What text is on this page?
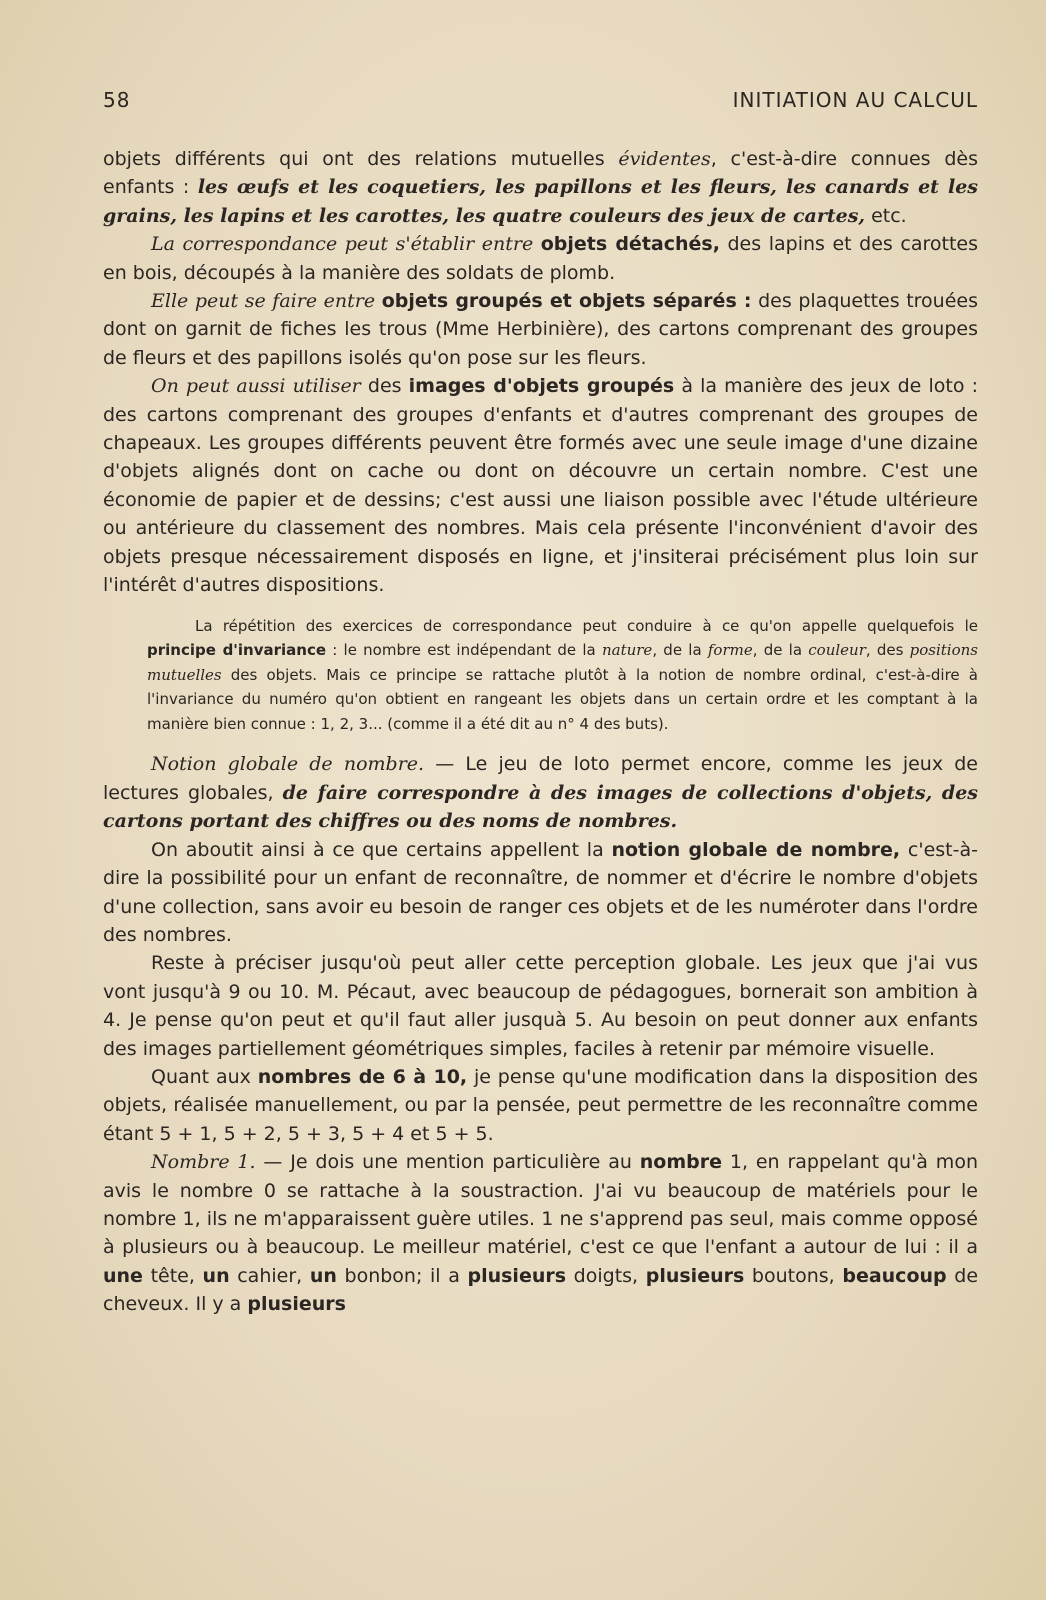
58	INITIATION AU CALCUL

objets différents qui ont des relations mutuelles évidentes, c'est-à-dire connues dès enfants : les œufs et les coquetiers, les papillons et les fleurs, les canards et les grains, les lapins et les carottes, les quatre couleurs des jeux de cartes, etc.

La correspondance peut s'établir entre objets détachés, des lapins et des carottes en bois, découpés à la manière des soldats de plomb.

Elle peut se faire entre objets groupés et objets séparés : des plaquettes trouées dont on garnit de fiches les trous (Mme Herbinière), des cartons comprenant des groupes de fleurs et des papillons isolés qu'on pose sur les fleurs.

On peut aussi utiliser des images d'objets groupés à la manière des jeux de loto : des cartons comprenant des groupes d'enfants et d'autres comprenant des groupes de chapeaux. Les groupes différents peuvent être formés avec une seule image d'une dizaine d'objets alignés dont on cache ou dont on découvre un certain nombre. C'est une économie de papier et de dessins; c'est aussi une liaison possible avec l'étude ultérieure ou antérieure du classement des nombres. Mais cela présente l'inconvénient d'avoir des objets presque nécessairement disposés en ligne, et j'insiterai précisément plus loin sur l'intérêt d'autres dispositions.

La répétition des exercices de correspondance peut conduire à ce qu'on appelle quelquefois le principe d'invariance : le nombre est indépendant de la nature, de la forme, de la couleur, des positions mutuelles des objets. Mais ce principe se rattache plutôt à la notion de nombre ordinal, c'est-à-dire à l'invariance du numéro qu'on obtient en rangeant les objets dans un certain ordre et les comptant à la manière bien connue : 1, 2, 3... (comme il a été dit au n° 4 des buts).

Notion globale de nombre. — Le jeu de loto permet encore, comme les jeux de lectures globales, de faire correspondre à des images de collections d'objets, des cartons portant des chiffres ou des noms de nombres.

On aboutit ainsi à ce que certains appellent la notion globale de nombre, c'est-à-dire la possibilité pour un enfant de reconnaître, de nommer et d'écrire le nombre d'objets d'une collection, sans avoir eu besoin de ranger ces objets et de les numéroter dans l'ordre des nombres.

Reste à préciser jusqu'où peut aller cette perception globale. Les jeux que j'ai vus vont jusqu'à 9 ou 10. M. Pécaut, avec beaucoup de pédagogues, bornerait son ambition à 4. Je pense qu'on peut et qu'il faut aller jusquà 5. Au besoin on peut donner aux enfants des images partiellement géométriques simples, faciles à retenir par mémoire visuelle.

Quant aux nombres de 6 à 10, je pense qu'une modification dans la disposition des objets, réalisée manuellement, ou par la pensée, peut permettre de les reconnaître comme étant 5 + 1, 5 + 2, 5 + 3, 5 + 4 et 5 + 5.

Nombre 1. — Je dois une mention particulière au nombre 1, en rappelant qu'à mon avis le nombre 0 se rattache à la soustraction. J'ai vu beaucoup de matériels pour le nombre 1, ils ne m'apparaissent guère utiles. 1 ne s'apprend pas seul, mais comme opposé à plusieurs ou à beaucoup. Le meilleur matériel, c'est ce que l'enfant a autour de lui : il a une tête, un cahier, un bonbon; il a plusieurs doigts, plusieurs boutons, beaucoup de cheveux. Il y a plusieurs
